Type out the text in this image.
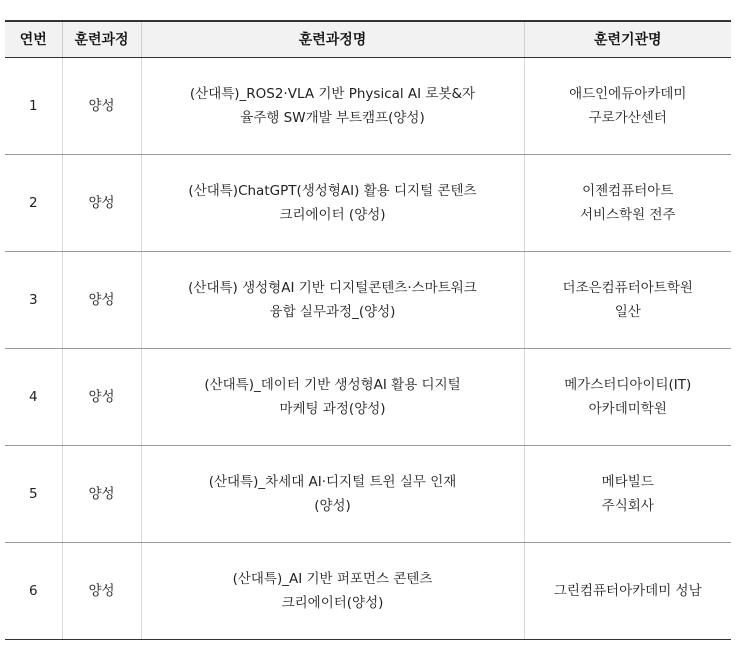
연번	훈련과정	훈련과정명	훈련기관명
1	양성	(산대특)_ROS2·VLA 기반 Physical AI 로봇&자
율주행 SW개발 부트캠프(양성)	애드인에듀아카데미
구로가산센터

2	양성	(산대특)ChatGPT(생성형AI) 활용 디지털 콘텐츠
크리에이터 (양성)	이젠컴퓨터아트
서비스학원 전주

3	양성	(산대특) 생성형AI 기반 디지털콘텐츠·스마트워크
융합 실무과정_(양성)	더조은컴퓨터아트학원
일산

4	양성	(산대특)_데이터 기반 생성형AI 활용 디지털
마케팅 과정(양성)	메가스터디아이티(IT)
아카데미학원

5	양성	(산대특)_차세대 AI·디지털 트윈 실무 인재
(양성)	메타빌드
주식회사

6	양성	(산대특)_AI 기반 퍼포먼스 콘텐츠
크리에이터(양성)	그린컴퓨터아카데미 성남
